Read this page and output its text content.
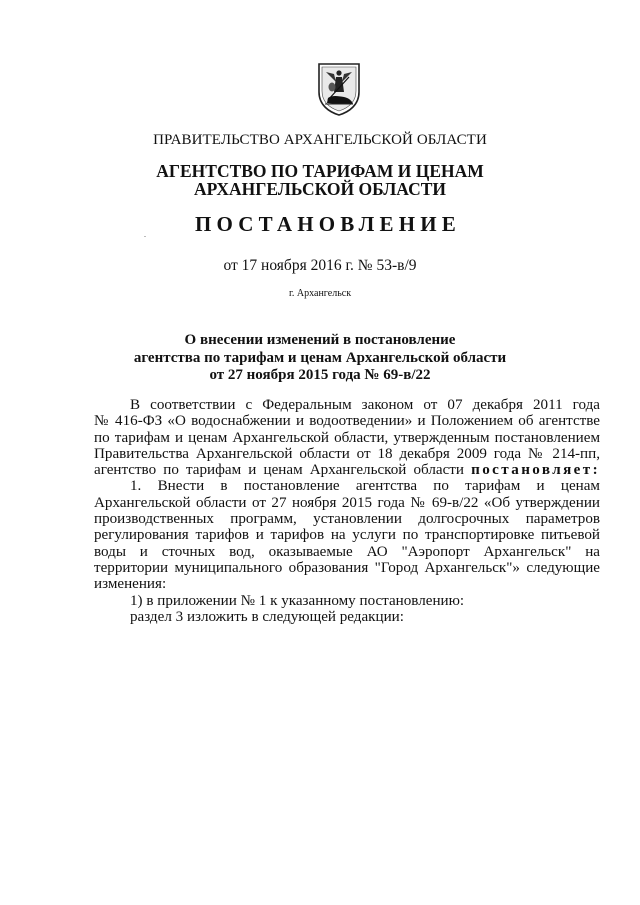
ПРАВИТЕЛЬСТВО АРХАНГЕЛЬСКОЙ ОБЛАСТИ
АГЕНТСТВО ПО ТАРИФАМ И ЦЕНАМ
АРХАНГЕЛЬСКОЙ ОБЛАСТИ
ПОСТАНОВЛЕНИЕ
от 17 ноября 2016 г. № 53-в/9
г. Архангельск
О внесении изменений в постановление
агентства по тарифам и ценам Архангельской области
от 27 ноября 2015 года № 69-в/22
В соответствии с Федеральным законом от 07 декабря 2011 года
№ 416-ФЗ «О водоснабжении и водоотведении» и Положением об агентстве
по тарифам и ценам Архангельской области, утвержденным постановлением
Правительства Архангельской области от 18 декабря 2009 года № 214-пп,
агентство по тарифам и ценам Архангельской области постановляет:
1. Внести в постановление агентства по тарифам и ценам
Архангельской области от 27 ноября 2015 года № 69-в/22 «Об утверждении
производственных программ, установлении долгосрочных параметров
регулирования тарифов и тарифов на услуги по транспортировке питьевой
воды и сточных вод, оказываемые АО "Аэропорт Архангельск" на
территории муниципального образования "Город Архангельск"» следующие
изменения:
1) в приложении № 1 к указанному постановлению:
раздел 3 изложить в следующей редакции:
